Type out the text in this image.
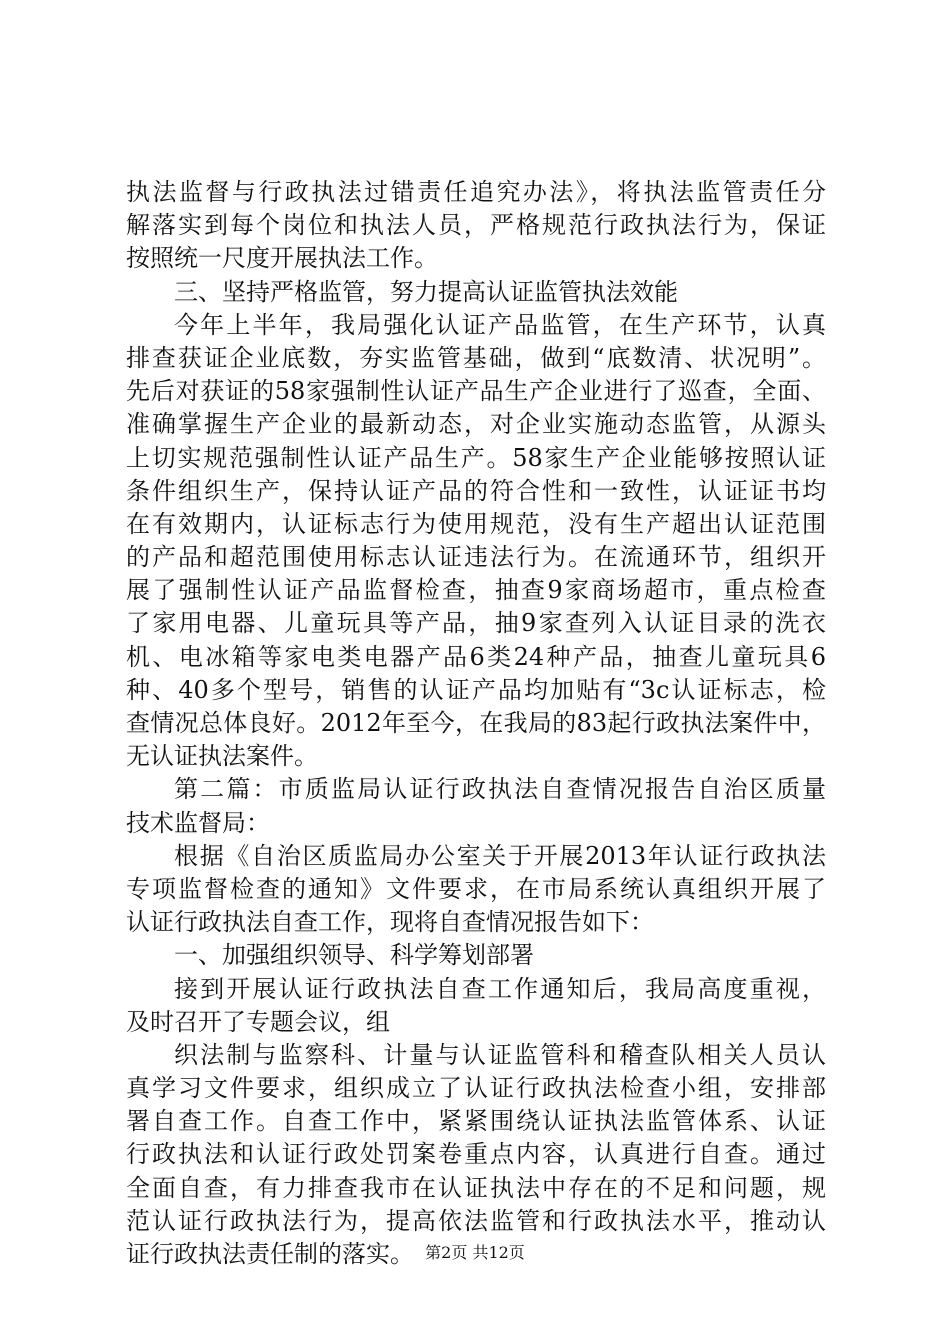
执法监督与行政执法过错责任追究办法》，将执法监管责任分
解落实到每个岗位和执法人员，严格规范行政执法行为，保证
按照统一尺度开展执法工作。
三、坚持严格监管，努力提高认证监管执法效能
今年上半年，我局强化认证产品监管，在生产环节，认真
排查获证企业底数，夯实监管基础，做到“底数清、状况明”。
先后对获证的58家强制性认证产品生产企业进行了巡查，全面、
准确掌握生产企业的最新动态，对企业实施动态监管，从源头
上切实规范强制性认证产品生产。58家生产企业能够按照认证
条件组织生产，保持认证产品的符合性和一致性，认证证书均
在有效期内，认证标志行为使用规范，没有生产超出认证范围
的产品和超范围使用标志认证违法行为。在流通环节，组织开
展了强制性认证产品监督检查，抽查9家商场超市，重点检查
了家用电器、儿童玩具等产品，抽9家查列入认证目录的洗衣
机、电冰箱等家电类电器产品6类24种产品，抽查儿童玩具6
种、40多个型号，销售的认证产品均加贴有“3c认证标志，检
查情况总体良好。2012年至今，在我局的83起行政执法案件中，
无认证执法案件。
第二篇：市质监局认证行政执法自查情况报告自治区质量
技术监督局：
根据《自治区质监局办公室关于开展2013年认证行政执法
专项监督检查的通知》文件要求，在市局系统认真组织开展了
认证行政执法自查工作，现将自查情况报告如下：
一、加强组织领导、科学筹划部署
接到开展认证行政执法自查工作通知后，我局高度重视，
及时召开了专题会议，组
织法制与监察科、计量与认证监管科和稽查队相关人员认
真学习文件要求，组织成立了认证行政执法检查小组，安排部
署自查工作。自查工作中，紧紧围绕认证执法监管体系、认证
行政执法和认证行政处罚案卷重点内容，认真进行自查。通过
全面自查，有力排查我市在认证执法中存在的不足和问题，规
范认证行政执法行为，提高依法监管和行政执法水平，推动认
证行政执法责任制的落实。 第2页 共12页
